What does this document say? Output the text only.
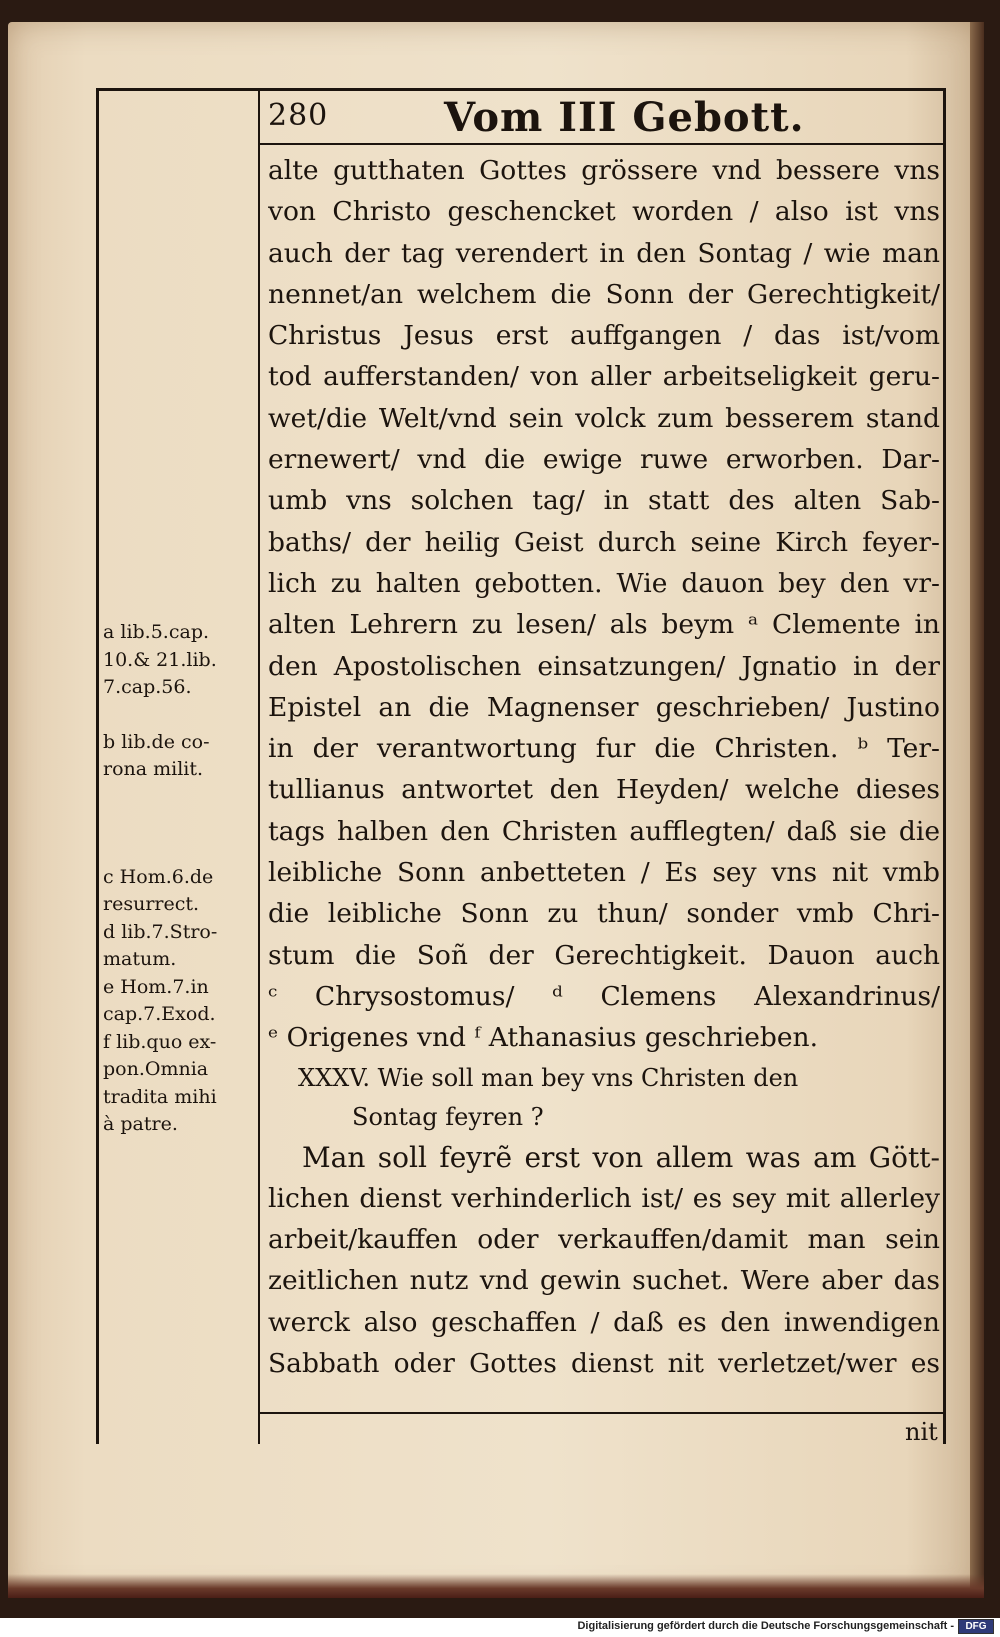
280	Vom III Gebott.
alte gutthaten Gottes grössere vnd bessere vns
von Christo geschencket worden / also ist vns
auch der tag verendert in den Sontag / wie man
nennet/an welchem die Sonn der Gerechtigkeit/
Christus Jesus erst auffgangen / das ist/vom
tod aufferstanden/ von aller arbeitseligkeit geru-
wet/die Welt/vnd sein volck zum besserem stand
ernewert/ vnd die ewige ruwe erworben. Dar-
umb vns solchen tag/ in statt des alten Sab-
baths/ der heilig Geist durch seine Kirch feyer-
lich zu halten gebotten. Wie dauon bey den vr-
alten Lehrern zu lesen/ als beym ᵃ Clemente in
den Apostolischen einsatzungen/ Jgnatio in der
Epistel an die Magnenser geschrieben/ Justino
in der verantwortung fur die Christen. ᵇ Ter-
tullianus antwortet den Heyden/ welche dieses
tags halben den Christen aufflegten/ daß sie die
leibliche Sonn anbetteten / Es sey vns nit vmb
die leibliche Sonn zu thun/ sonder vmb Chri-
stum die Soñ der Gerechtigkeit. Dauon auch
ᶜ Chrysostomus/ ᵈ Clemens Alexandrinus/
ᵉ Origenes vnd ᶠ Athanasius geschrieben.
XXXV. Wie soll man bey vns Christen den
Sontag feyren ?
Man soll feyrẽ erst von allem was am Gött-
lichen dienst verhinderlich ist/ es sey mit allerley
arbeit/kauffen oder verkauffen/damit man sein
zeitlichen nutz vnd gewin suchet. Were aber das
werck also geschaffen / daß es den inwendigen
Sabbath oder Gottes dienst nit verletzet/wer es
nit
a lib.5.cap.
10.& 21.lib.
7.cap.56.
b lib.de co-
rona milit.
c Hom.6.de
resurrect.
d lib.7.Stro-
matum.
e Hom.7.in
cap.7.Exod.
f lib.quo ex-
pon.Omnia
tradita mihi
à patre.
Digitalisierung gefördert durch die Deutsche Forschungsgemeinschaft -	DFG
